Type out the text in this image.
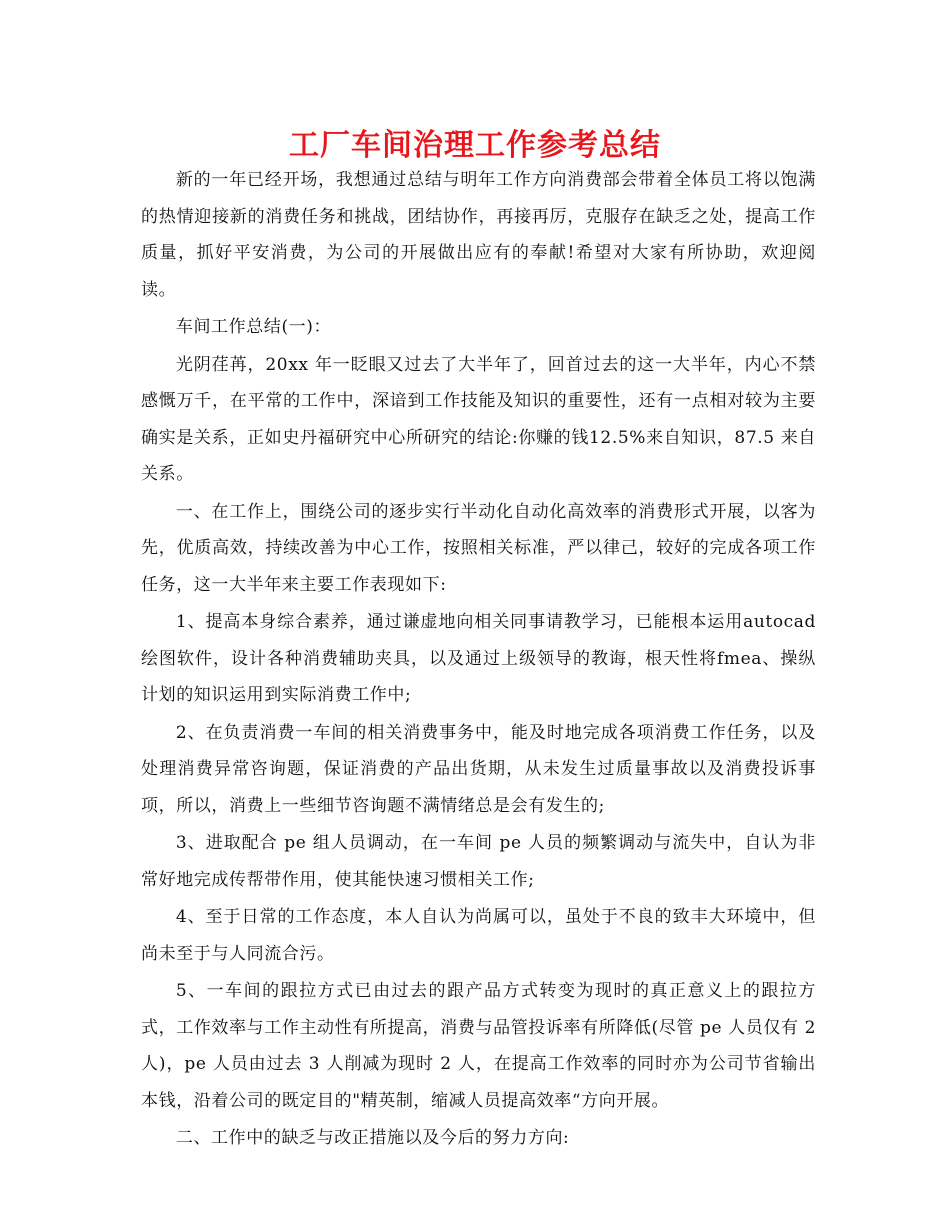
工厂车间治理工作参考总结

新的一年已经开场，我想通过总结与明年工作方向消费部会带着全体员工将以饱满的热情迎接新的消费任务和挑战，团结协作，再接再厉，克服存在缺乏之处，提高工作质量，抓好平安消费，为公司的开展做出应有的奉献!希望对大家有所协助，欢迎阅读。

车间工作总结(一)：

光阴荏苒，20xx 年一眨眼又过去了大半年了，回首过去的这一大半年，内心不禁感慨万千，在平常的工作中，深谙到工作技能及知识的重要性，还有一点相对较为主要确实是关系，正如史丹福研究中心所研究的结论:你赚的钱12.5%来自知识，87.5 来自关系。

一、在工作上，围绕公司的逐步实行半动化自动化高效率的消费形式开展，以客为先，优质高效，持续改善为中心工作，按照相关标准，严以律己，较好的完成各项工作任务，这一大半年来主要工作表现如下:

1、提高本身综合素养，通过谦虚地向相关同事请教学习，已能根本运用autocad 绘图软件，设计各种消费辅助夹具，以及通过上级领导的教诲，根天性将fmea、操纵计划的知识运用到实际消费工作中;

2、在负责消费一车间的相关消费事务中，能及时地完成各项消费工作任务，以及处理消费异常咨询题，保证消费的产品出货期，从未发生过质量事故以及消费投诉事项，所以，消费上一些细节咨询题不满情绪总是会有发生的;

3、进取配合 pe 组人员调动，在一车间 pe 人员的频繁调动与流失中，自认为非常好地完成传帮带作用，使其能快速习惯相关工作;

4、至于日常的工作态度，本人自认为尚属可以，虽处于不良的致丰大环境中，但尚未至于与人同流合污。

5、一车间的跟拉方式已由过去的跟产品方式转变为现时的真正意义上的跟拉方式，工作效率与工作主动性有所提高，消费与品管投诉率有所降低(尽管 pe 人员仅有 2 人)，pe 人员由过去 3 人削减为现时 2 人，在提高工作效率的同时亦为公司节省输出本钱，沿着公司的既定目的"精英制，缩减人员提高效率“方向开展。

二、工作中的缺乏与改正措施以及今后的努力方向:
